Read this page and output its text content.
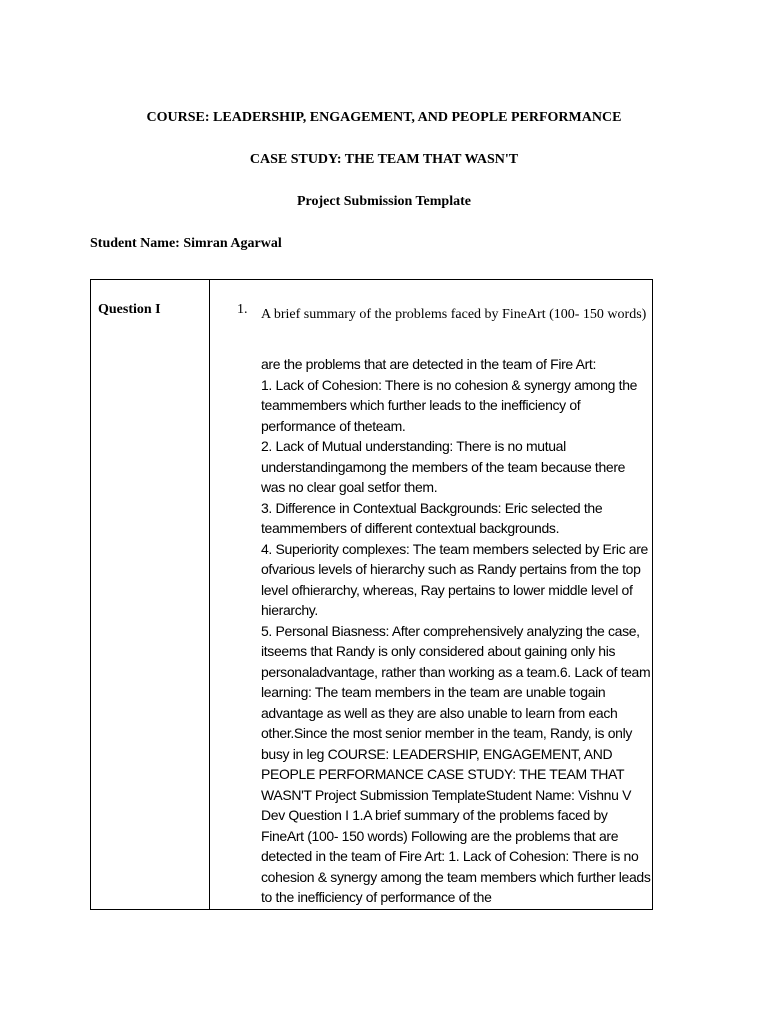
COURSE: LEADERSHIP, ENGAGEMENT, AND PEOPLE PERFORMANCE

CASE STUDY: THE TEAM THAT WASN'T

Project Submission Template

Student Name: Simran Agarwal

Question I	1. A brief summary of the problems faced by FineArt (100- 150 words)

are the problems that are detected in the team of Fire Art:
1. Lack of Cohesion: There is no cohesion & synergy among the teammembers which further leads to the inefficiency of performance of theteam.
2. Lack of Mutual understanding: There is no mutual understandingamong the members of the team because there was no clear goal setfor them.
3. Difference in Contextual Backgrounds: Eric selected the teammembers of different contextual backgrounds.
4. Superiority complexes: The team members selected by Eric are ofvarious levels of hierarchy such as Randy pertains from the top level ofhierarchy, whereas, Ray pertains to lower middle level of hierarchy.
5. Personal Biasness: After comprehensively analyzing the case, itseems that Randy is only considered about gaining only his personaladvantage, rather than working as a team.6. Lack of team learning: The team members in the team are unable togain advantage as well as they are also unable to learn from each other.Since the most senior member in the team, Randy, is only busy in leg COURSE: LEADERSHIP, ENGAGEMENT, AND PEOPLE PERFORMANCE CASE STUDY: THE TEAM THAT WASN'T Project Submission TemplateStudent Name: Vishnu V Dev Question I 1.A brief summary of the problems faced by FineArt (100- 150 words) Following are the problems that are detected in the team of Fire Art: 1. Lack of Cohesion: There is no cohesion & synergy among the team members which further leads to the inefficiency of performance of the
